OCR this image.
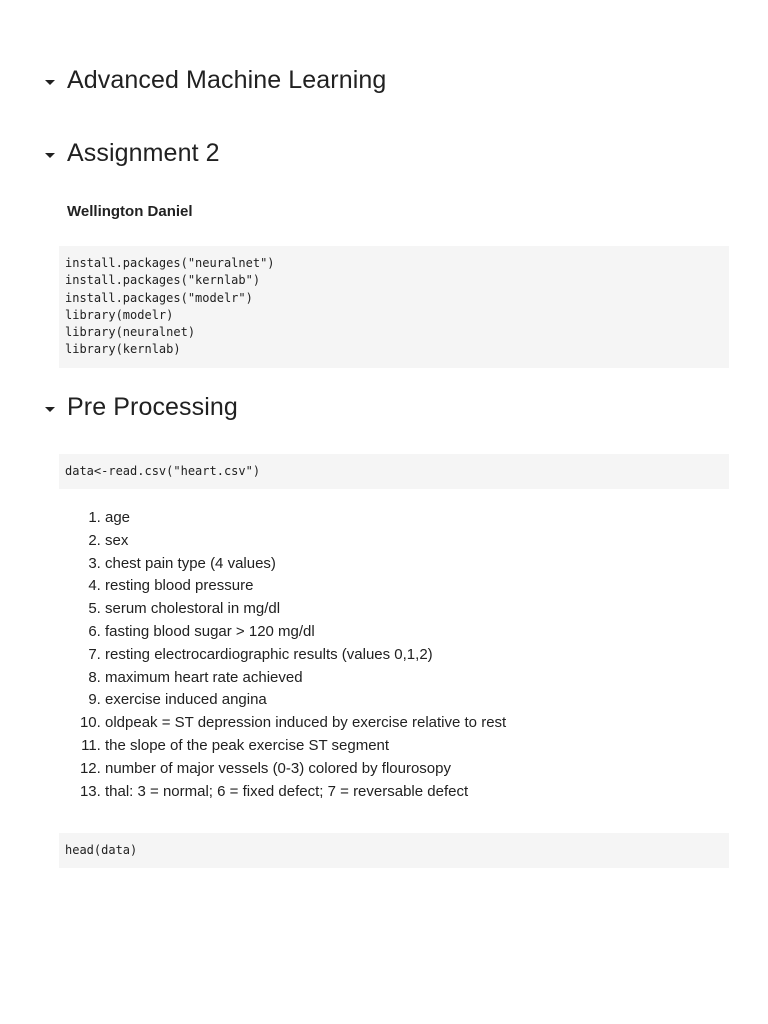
Advanced Machine Learning
Assignment 2

Wellington Daniel

install.packages("neuralnet")
install.packages("kernlab")
install.packages("modelr")
library(modelr)
library(neuralnet)
library(kernlab)
Pre Processing
data<-read.csv("heart.csv")
1. age
2. sex
3. chest pain type (4 values)
4. resting blood pressure
5. serum cholestoral in mg/dl
6. fasting blood sugar > 120 mg/dl
7. resting electrocardiographic results (values 0,1,2)
8. maximum heart rate achieved
9. exercise induced angina
10. oldpeak = ST depression induced by exercise relative to rest
11. the slope of the peak exercise ST segment
12. number of major vessels (0-3) colored by flourosopy
13. thal: 3 = normal; 6 = fixed defect; 7 = reversable defect
head(data)
